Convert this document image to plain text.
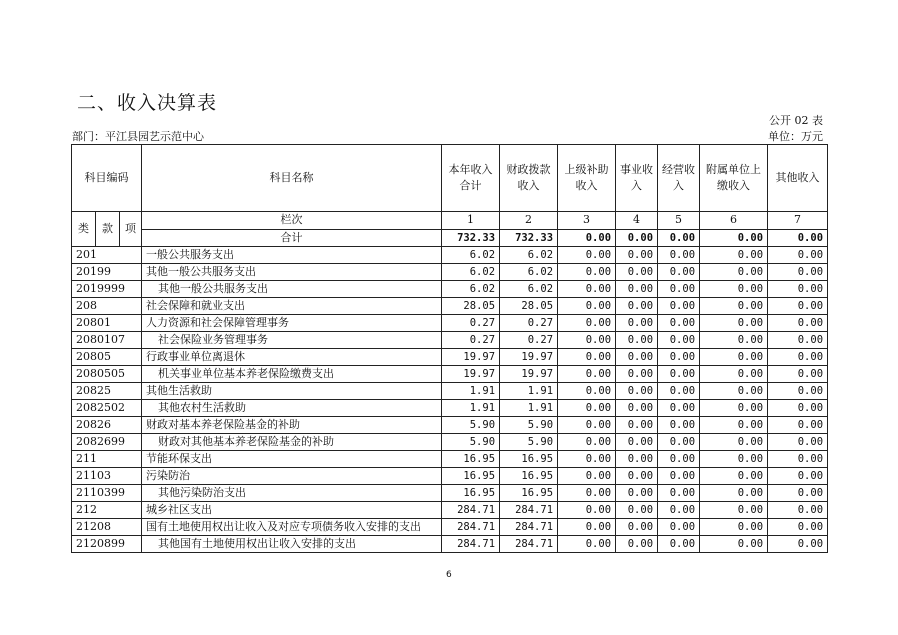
二、收入决算表
公开 02 表
部门：平江县园艺示范中心	单位：万元
科目编码			科目名称	本年收入合计	财政拨款收入	上级补助收入	事业收入	经营收入	附属单位上缴收入	其他收入
类	款	项	栏次	1	2	3	4	5	6	7
			合计	732.33	732.33	0.00	0.00	0.00	0.00	0.00
201			一般公共服务支出	6.02	6.02	0.00	0.00	0.00	0.00	0.00
20199			其他一般公共服务支出	6.02	6.02	0.00	0.00	0.00	0.00	0.00
2019999			其他一般公共服务支出	6.02	6.02	0.00	0.00	0.00	0.00	0.00
208			社会保障和就业支出	28.05	28.05	0.00	0.00	0.00	0.00	0.00
20801			人力资源和社会保障管理事务	0.27	0.27	0.00	0.00	0.00	0.00	0.00
2080107			社会保险业务管理事务	0.27	0.27	0.00	0.00	0.00	0.00	0.00
20805			行政事业单位离退休	19.97	19.97	0.00	0.00	0.00	0.00	0.00
2080505			机关事业单位基本养老保险缴费支出	19.97	19.97	0.00	0.00	0.00	0.00	0.00
20825			其他生活救助	1.91	1.91	0.00	0.00	0.00	0.00	0.00
2082502			其他农村生活救助	1.91	1.91	0.00	0.00	0.00	0.00	0.00
20826			财政对基本养老保险基金的补助	5.90	5.90	0.00	0.00	0.00	0.00	0.00
2082699			财政对其他基本养老保险基金的补助	5.90	5.90	0.00	0.00	0.00	0.00	0.00
211			节能环保支出	16.95	16.95	0.00	0.00	0.00	0.00	0.00
21103			污染防治	16.95	16.95	0.00	0.00	0.00	0.00	0.00
2110399			其他污染防治支出	16.95	16.95	0.00	0.00	0.00	0.00	0.00
212			城乡社区支出	284.71	284.71	0.00	0.00	0.00	0.00	0.00
21208			国有土地使用权出让收入及对应专项债务收入安排的支出	284.71	284.71	0.00	0.00	0.00	0.00	0.00
2120899			其他国有土地使用权出让收入安排的支出	284.71	284.71	0.00	0.00	0.00	0.00	0.00
6
